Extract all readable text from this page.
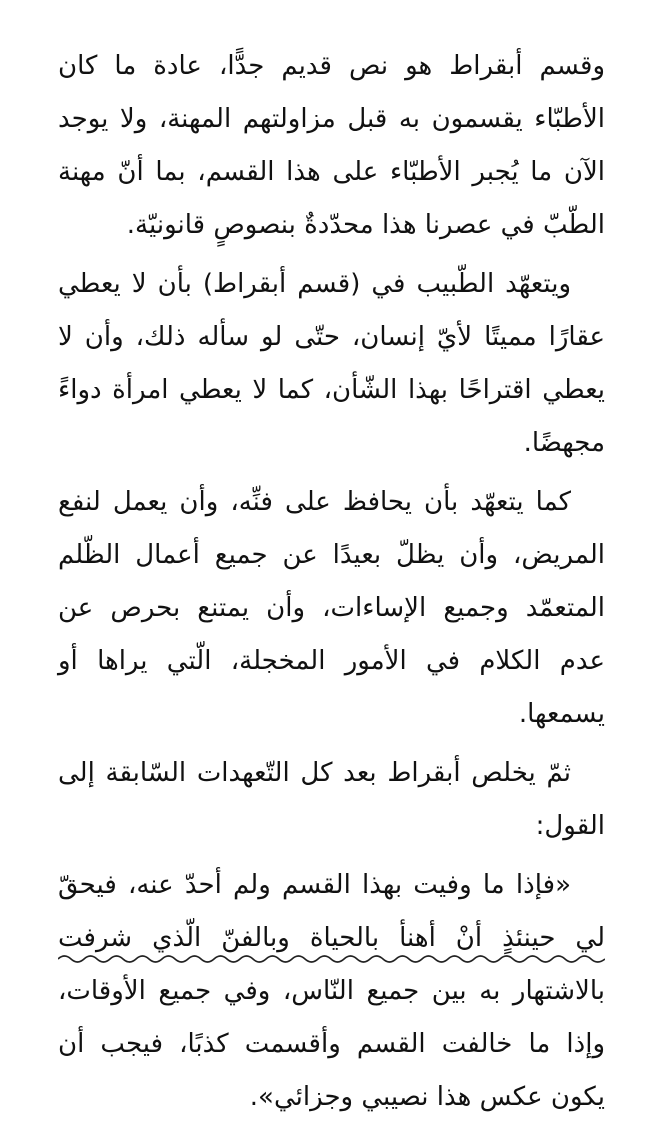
وقسم أبقراط هو نص قديم جدًّا، عادة ما كان الأطبّاء يقسمون به قبل مزاولتهم المهنة، ولا يوجد الآن ما يُجبر الأطبّاء على هذا القسم، بما أنّ مهنة الطّبّ في عصرنا هذا محدّدةٌ بنصوصٍ قانونيّة.

ويتعهّد الطّبيب في (قسم أبقراط) بأن لا يعطي عقارًا مميتًا لأيّ إنسان، حتّى لو سأله ذلك، وأن لا يعطي اقتراحًا بهذا الشّأن، كما لا يعطي امرأة دواءً مجهضًا.

كما يتعهّد بأن يحافظ على فنِّه، وأن يعمل لنفع المريض، وأن يظلّ بعيدًا عن جميع أعمال الظّلم المتعمّد وجميع الإساءات، وأن يمتنع بحرص عن عدم الكلام في الأمور المخجلة، الّتي يراها أو يسمعها.

ثمّ يخلص أبقراط بعد كل التّعهدات السّابقة إلى القول:

«فإذا ما وفيت بهذا القسم ولم أحدّ عنه، فيحقّ لي حينئذٍ أنْ أهنأ بالحياة وبالفنّ الّذي شرفت بالاشتهار به بين جميع النّاس، وفي جميع الأوقات، وإذا ما خالفت القسم وأقسمت كذبًا، فيجب أن يكون عكس هذا نصيبي وجزائي».
